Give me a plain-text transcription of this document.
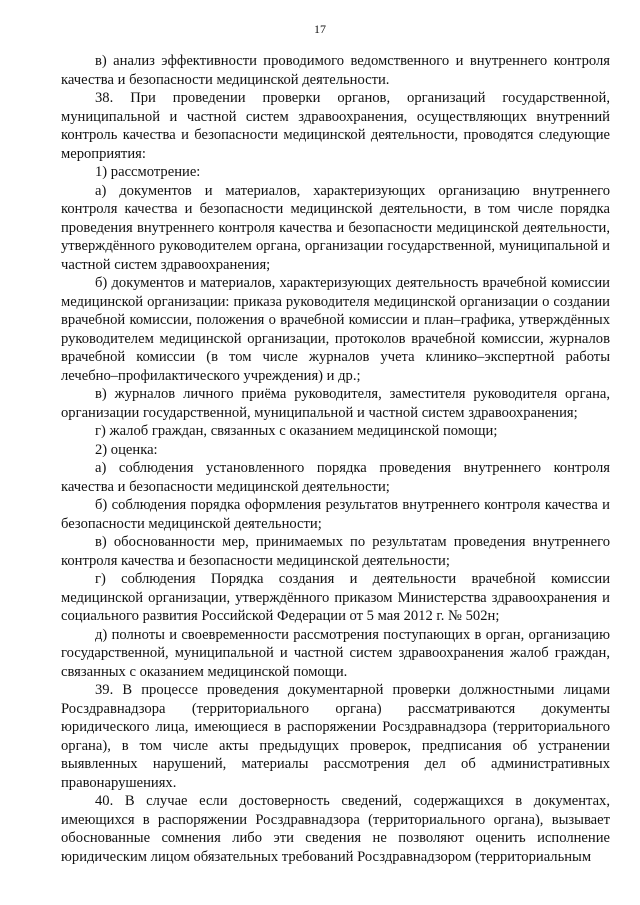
17

в) анализ эффективности проводимого ведомственного и внутреннего контроля качества и безопасности медицинской деятельности.

38. При проведении проверки органов, организаций государственной, муниципальной и частной систем здравоохранения, осуществляющих внутренний контроль качества и безопасности медицинской деятельности, проводятся следующие мероприятия:

1) рассмотрение:

а) документов и материалов, характеризующих организацию внутреннего контроля качества и безопасности медицинской деятельности, в том числе порядка проведения внутреннего контроля качества и безопасности медицинской деятельности, утверждённого руководителем органа, организации государственной, муниципальной и частной систем здравоохранения;

б) документов и материалов, характеризующих деятельность врачебной комиссии медицинской организации: приказа руководителя медицинской организации о создании врачебной комиссии, положения о врачебной комиссии и план–графика, утверждённых руководителем медицинской организации, протоколов врачебной комиссии, журналов врачебной комиссии (в том числе журналов учета клинико–экспертной работы лечебно–профилактического учреждения) и др.;

в) журналов личного приёма руководителя, заместителя руководителя органа, организации государственной, муниципальной и частной систем здравоохранения;

г) жалоб граждан, связанных с оказанием медицинской помощи;

2) оценка:

а) соблюдения установленного порядка проведения внутреннего контроля качества и безопасности медицинской деятельности;

б) соблюдения порядка оформления результатов внутреннего контроля качества и безопасности медицинской деятельности;

в) обоснованности мер, принимаемых по результатам проведения внутреннего контроля качества и безопасности медицинской деятельности;

г) соблюдения Порядка создания и деятельности врачебной комиссии медицинской организации, утверждённого приказом Министерства здравоохранения и социального развития Российской Федерации от 5 мая 2012 г. № 502н;

д) полноты и своевременности рассмотрения поступающих в орган, организацию государственной, муниципальной и частной систем здравоохранения жалоб граждан, связанных с оказанием медицинской помощи.

39. В процессе проведения документарной проверки должностными лицами Росздравнадзора (территориального органа) рассматриваются документы юридического лица, имеющиеся в распоряжении Росздравнадзора (территориального органа), в том числе акты предыдущих проверок, предписания об устранении выявленных нарушений, материалы рассмотрения дел об административных правонарушениях.

40. В случае если достоверность сведений, содержащихся в документах, имеющихся в распоряжении Росздравнадзора (территориального органа), вызывает обоснованные сомнения либо эти сведения не позволяют оценить исполнение юридическим лицом обязательных требований Росздравнадзором (территориальным
